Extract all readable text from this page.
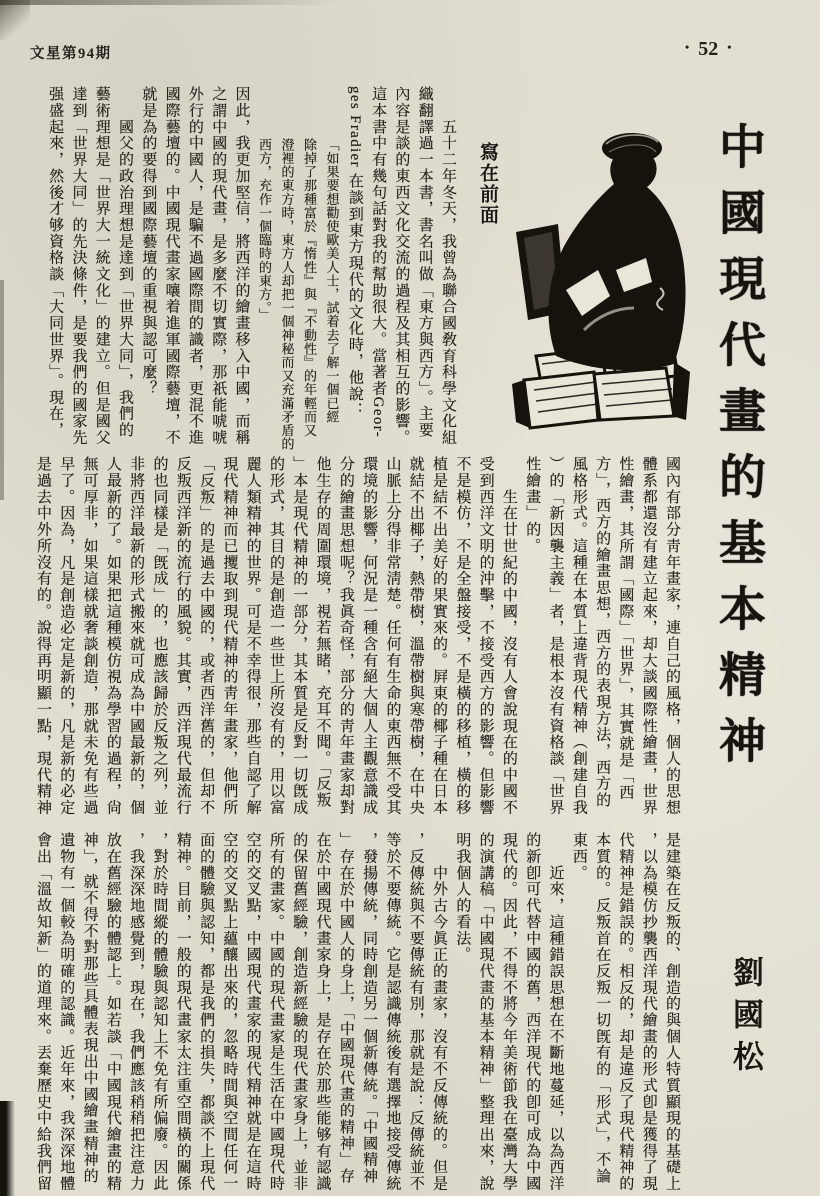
文星第94期	• 52 •
中國現代畫的基本精神
劉國松
寫在前面
　　五十二年冬天，我曾為聯合國敎育科學文化組
織翻譯過一本書，書名叫做「東方與西方」。主要
內容是談的東西文化交流的過程及其相互的影響。
這本書中有幾句話對我的幫助很大。當著者Geor-
ges Fradier 在談到東方現代的文化時，他說：
「如果要想勸使歐美人士，試着去了解一個已經
除掉了那種富於『惰性』與『不動性』的年輕而又
澄裡的東方時，東方人却把一個神秘而又充滿矛盾的
西方，充作一個臨時的東方。」
因此，我更加堅信，將西洋的繪畫移入中國，而稱
之謂中國的現代畫，是多麼不切實際，那祇能唬唬
外行的中國人，是騙不過國際間的識者，更混不進
國際藝壇的。中國現代畫家嚷着進軍國際藝壇，不
就是為的要得到國際藝壇的重視與認可麼？
　　國父的政治理想是達到「世界大同」，我們的
藝術理想是「世界大一統文化」的建立。但是國父
達到「世界大同」的先決條件，是要我們的國家先
强盛起來，然後才够資格談「大同世界」。現在，
國內有部分靑年畫家，連自己的風格，個人的思想
體系都還沒有建立起來，却大談國際性繪畫，世界
性繪畫，其所謂「國際」「世界」，其實就是「西
方」，西方的繪畫思想，西方的表現方法，西方的
風格形式。這種在本質上違背現代精神（創建自我
）的「新因襲主義」者，是根本沒有資格談「世界
性繪畫」的。
　　生在廿世紀的中國，沒有人會說現在的中國不
受到西洋文明的沖擊，不接受西方的影響。但影響
不是模仿，不是全盤接受，不是橫的移植，橫的移
植是結不出美好的果實來的。屛東的椰子種在日本
就結不出椰子，熱帶樹，溫帶樹與寒帶樹，在中央
山脈上分得非常淸楚。任何有生命的東西無不受其
環境的影響，何況是一種含有絕大個人主觀意識成
分的繪畫思想呢？我眞奇怪，部分的靑年畫家却對
他生存的周圍環境，視若無睹，充耳不聞。「反叛
」本是現代精神的一部分，其本質是反對一切旣成
的形式，其目的是創造一些世上所沒有的，用以富
麗人類精神的世界。可是不幸得很，那些自認了解
現代精神而已攫取到現代精神的靑年畫家，他們所
「反叛」的是過去中國的，或者西洋舊的，但却不
反叛西洋新的流行的風貌。其實，西洋現代最流行
的也同樣是「旣成」的，也應該歸於反叛之列，並
非將西洋最新的形式搬來就可成為中國最新的，個
人最新的了。如果把這種模仿視為學習的過程，尙
無可厚非，如果這樣就奢談創造，那就未免有些過
早了。因為，凡是創造必定是新的，凡是新的必定
是過去中外所沒有的。說得再明顯一點，現代精神
是建築在反叛的、創造的與個人特質顯現的基礎上
，以為模仿抄襲西洋現代繪畫的形式卽是獲得了現
代精神是錯誤的。相反的，却是違反了現代精神的
本質的。反叛首在反叛一切旣有的「形式」，不論
東西。
　　近來，這種錯誤思想在不斷地蔓延，以為西洋
的新卽可代替中國的舊，西洋現代的卽可成為中國
現代的。因此，不得不將今年美術節我在臺灣大學
的演講稿「中國現代畫的基本精神」整理出來，說
明我個人的看法。
　　中外古今眞正的畫家，沒有不反傳統的。但是
，反傳統與不要傳統有別，那就是說：反傳統並不
等於不要傳統。它是認識傳統後有選擇地接受傳統
，發揚傳統，同時創造另一個新傳統。「中國精神
」存在於中國人的身上，「中國現代畫的精神」存
在於中國現代畫家身上，是存在於那些能够有認識
的保留舊經驗，創造新經驗的現代畫家身上，並非
所有的畫家。中國的現代畫家是生活在中國現代時
空的交叉點，中國現代畫家的現代精神就是在這時
空的交叉點上蘊釀出來的，忽略時間與空間任何一
面的體驗與認知，都是我們的損失，都談不上現代
精神。目前，一般的現代畫家太注重空間橫的關係
，對於時間縱的體驗與認知上不免有所偏廢。因此
，我深深地感覺到，現在，我們應該稍稍把注意力
放在舊經驗的體認上。如若談「中國現代繪畫的精
神」，就不得不對那些具體表現出中國繪畫精神的
遺物有一個較為明確的認識。近年來，我深深地體
會出「溫故知新」的道理來。丟棄歷史中給我們留
